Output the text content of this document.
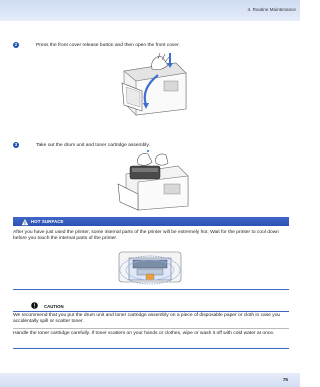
4. Routine Maintenance
2	Press the front cover release button and then open the front cover.
3	Take out the drum unit and toner cartridge assembly.
! HOT SURFACE
After you have just used the printer, some internal parts of the printer will be extremely hot. Wait for the printer to cool down before you touch the internal parts of the printer.
! CAUTION
We recommend that you put the drum unit and toner cartridge assembly on a piece of disposable paper or cloth in case you accidentally spill or scatter toner.
Handle the toner cartridge carefully. If toner scatters on your hands or clothes, wipe or wash it off with cold water at once.
75
